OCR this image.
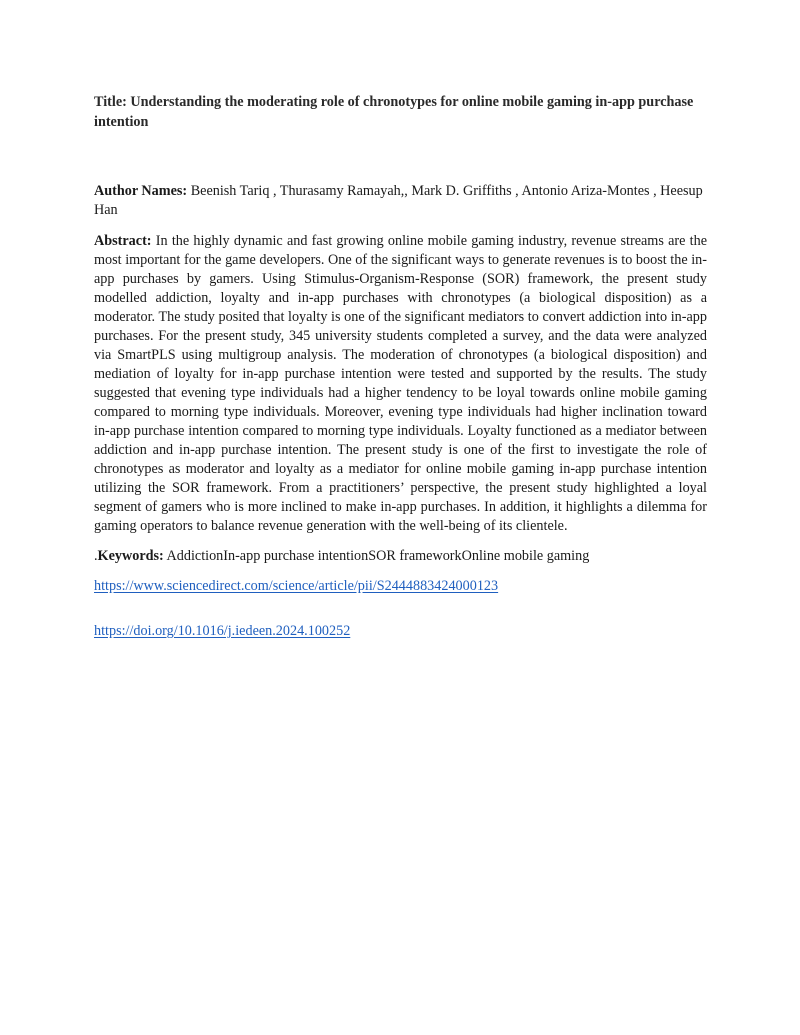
Title: Understanding the moderating role of chronotypes for online mobile gaming in-app purchase intention

Author Names: Beenish Tariq , Thurasamy Ramayah,, Mark D. Griffiths , Antonio Ariza-Montes , Heesup Han

Abstract: In the highly dynamic and fast growing online mobile gaming industry, revenue streams are the most important for the game developers. One of the significant ways to generate revenues is to boost the in-app purchases by gamers. Using Stimulus-Organism-Response (SOR) framework, the present study modelled addiction, loyalty and in-app purchases with chronotypes (a biological disposition) as a moderator. The study posited that loyalty is one of the significant mediators to convert addiction into in-app purchases. For the present study, 345 university students completed a survey, and the data were analyzed via SmartPLS using multigroup analysis. The moderation of chronotypes (a biological disposition) and mediation of loyalty for in-app purchase intention were tested and supported by the results. The study suggested that evening type individuals had a higher tendency to be loyal towards online mobile gaming compared to morning type individuals. Moreover, evening type individuals had higher inclination toward in-app purchase intention compared to morning type individuals. Loyalty functioned as a mediator between addiction and in-app purchase intention. The present study is one of the first to investigate the role of chronotypes as moderator and loyalty as a mediator for online mobile gaming in-app purchase intention utilizing the SOR framework. From a practitioners’ perspective, the present study highlighted a loyal segment of gamers who is more inclined to make in-app purchases. In addition, it highlights a dilemma for gaming operators to balance revenue generation with the well-being of its clientele.

.Keywords: AddictionIn-app purchase intentionSOR frameworkOnline mobile gaming

https://www.sciencedirect.com/science/article/pii/S2444883424000123

https://doi.org/10.1016/j.iedeen.2024.100252
